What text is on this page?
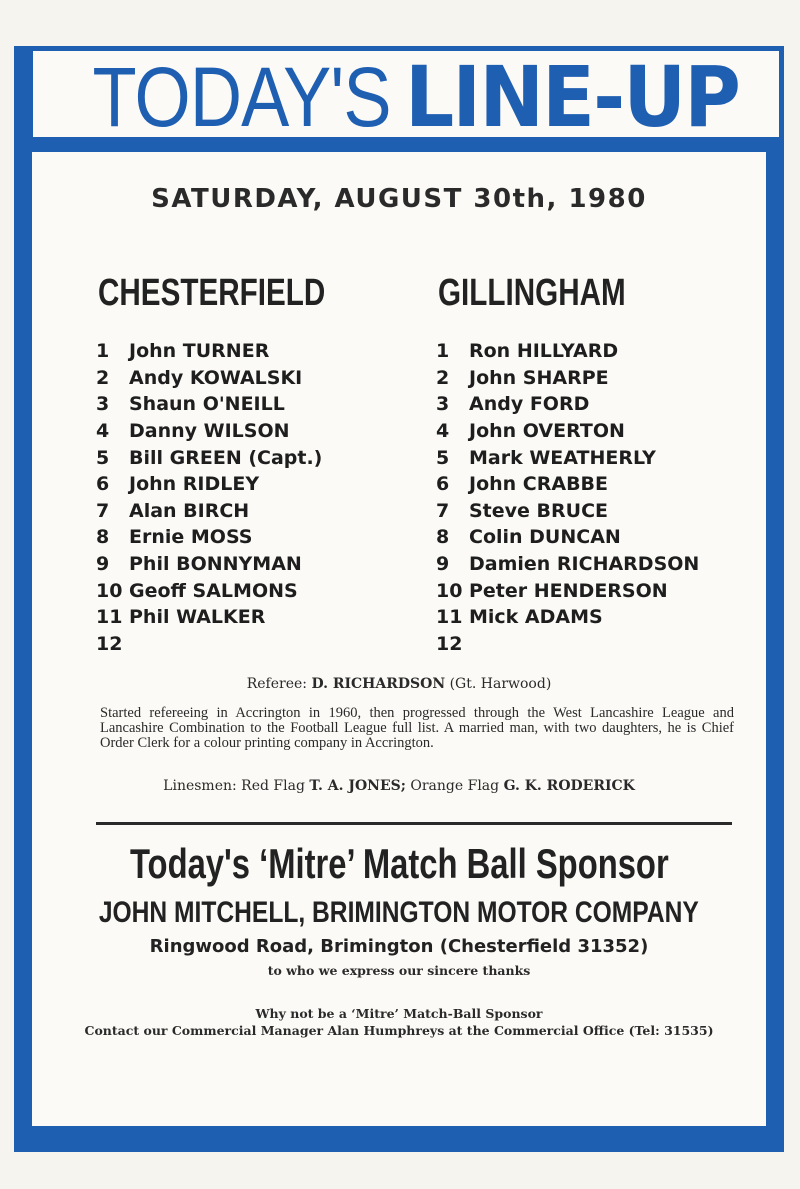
TODAY'S LINE-UP
SATURDAY, AUGUST 30th, 1980
CHESTERFIELD	GILLINGHAM
1	John TURNER
2	Andy KOWALSKI
3	Shaun O'NEILL
4	Danny WILSON
5	Bill GREEN (Capt.)
6	John RIDLEY
7	Alan BIRCH
8	Ernie MOSS
9	Phil BONNYMAN
10 Geoff SALMONS
11 Phil WALKER
12
1	Ron HILLYARD
2	John SHARPE
3	Andy FORD
4	John OVERTON
5	Mark WEATHERLY
6	John CRABBE
7	Steve BRUCE
8	Colin DUNCAN
9	Damien RICHARDSON
10 Peter HENDERSON
11 Mick ADAMS
12
Referee: D. RICHARDSON (Gt. Harwood)
Started refereeing in Accrington in 1960, then progressed through the West Lancashire League and Lancashire Combination to the Football League full list. A married man, with two daughters, he is Chief Order Clerk for a colour printing company in Accrington.
Linesmen: Red Flag T. A. JONES; Orange Flag G. K. RODERICK
Today's ‘Mitre’ Match Ball Sponsor
JOHN MITCHELL, BRIMINGTON MOTOR COMPANY
Ringwood Road, Brimington (Chesterfield 31352)
to who we express our sincere thanks
Why not be a ‘Mitre’ Match-Ball Sponsor
Contact our Commercial Manager Alan Humphreys at the Commercial Office (Tel: 31535)
